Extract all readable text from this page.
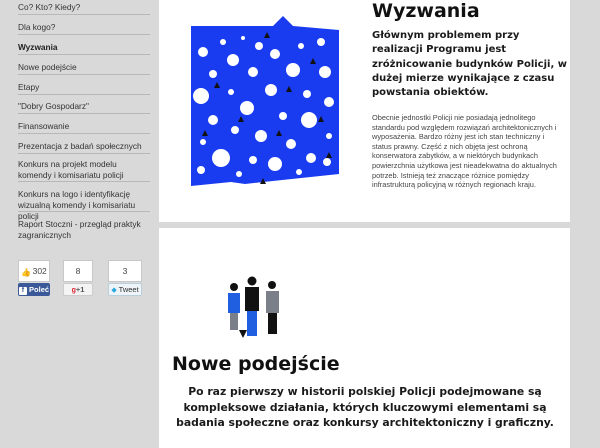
Co? Kto? Kiedy?
Dla kogo?
Wyzwania
Nowe podejście
Etapy
"Dobry Gospodarz"
Finansowanie
Prezentacja z badań społecznych
Konkurs na projekt modelu komendy i komisariatu policji
Konkurs na logo i identyfikację wizualną komendy i komisariatu policji
Raport Stoczni - przegląd praktyk zagranicznych
👍 302	8	3
f Poleć	g+1	◆ Tweet
Wyzwania
Głównym problemem przy realizacji Programu jest zróżnicowanie budynków Policji, w dużej mierze wynikające z czasu powstania obiektów.
Obecnie jednostki Policji nie posiadają jednolitego standardu pod względem rozwiązań architektonicznych i wyposażenia. Bardzo różny jest ich stan techniczny i status prawny. Część z nich objęta jest ochroną konserwatora zabytków, a w niektórych budynkach powierzchnia użytkowa jest nieadekwatna do aktualnych potrzeb. Istnieją też znaczące różnice pomiędzy infrastrukturą policyjną w różnych regionach kraju.
Nowe podejście
Po raz pierwszy w historii polskiej Policji podejmowane są kompleksowe działania, których kluczowymi elementami są badania społeczne oraz konkursy architektoniczny i graficzny.
